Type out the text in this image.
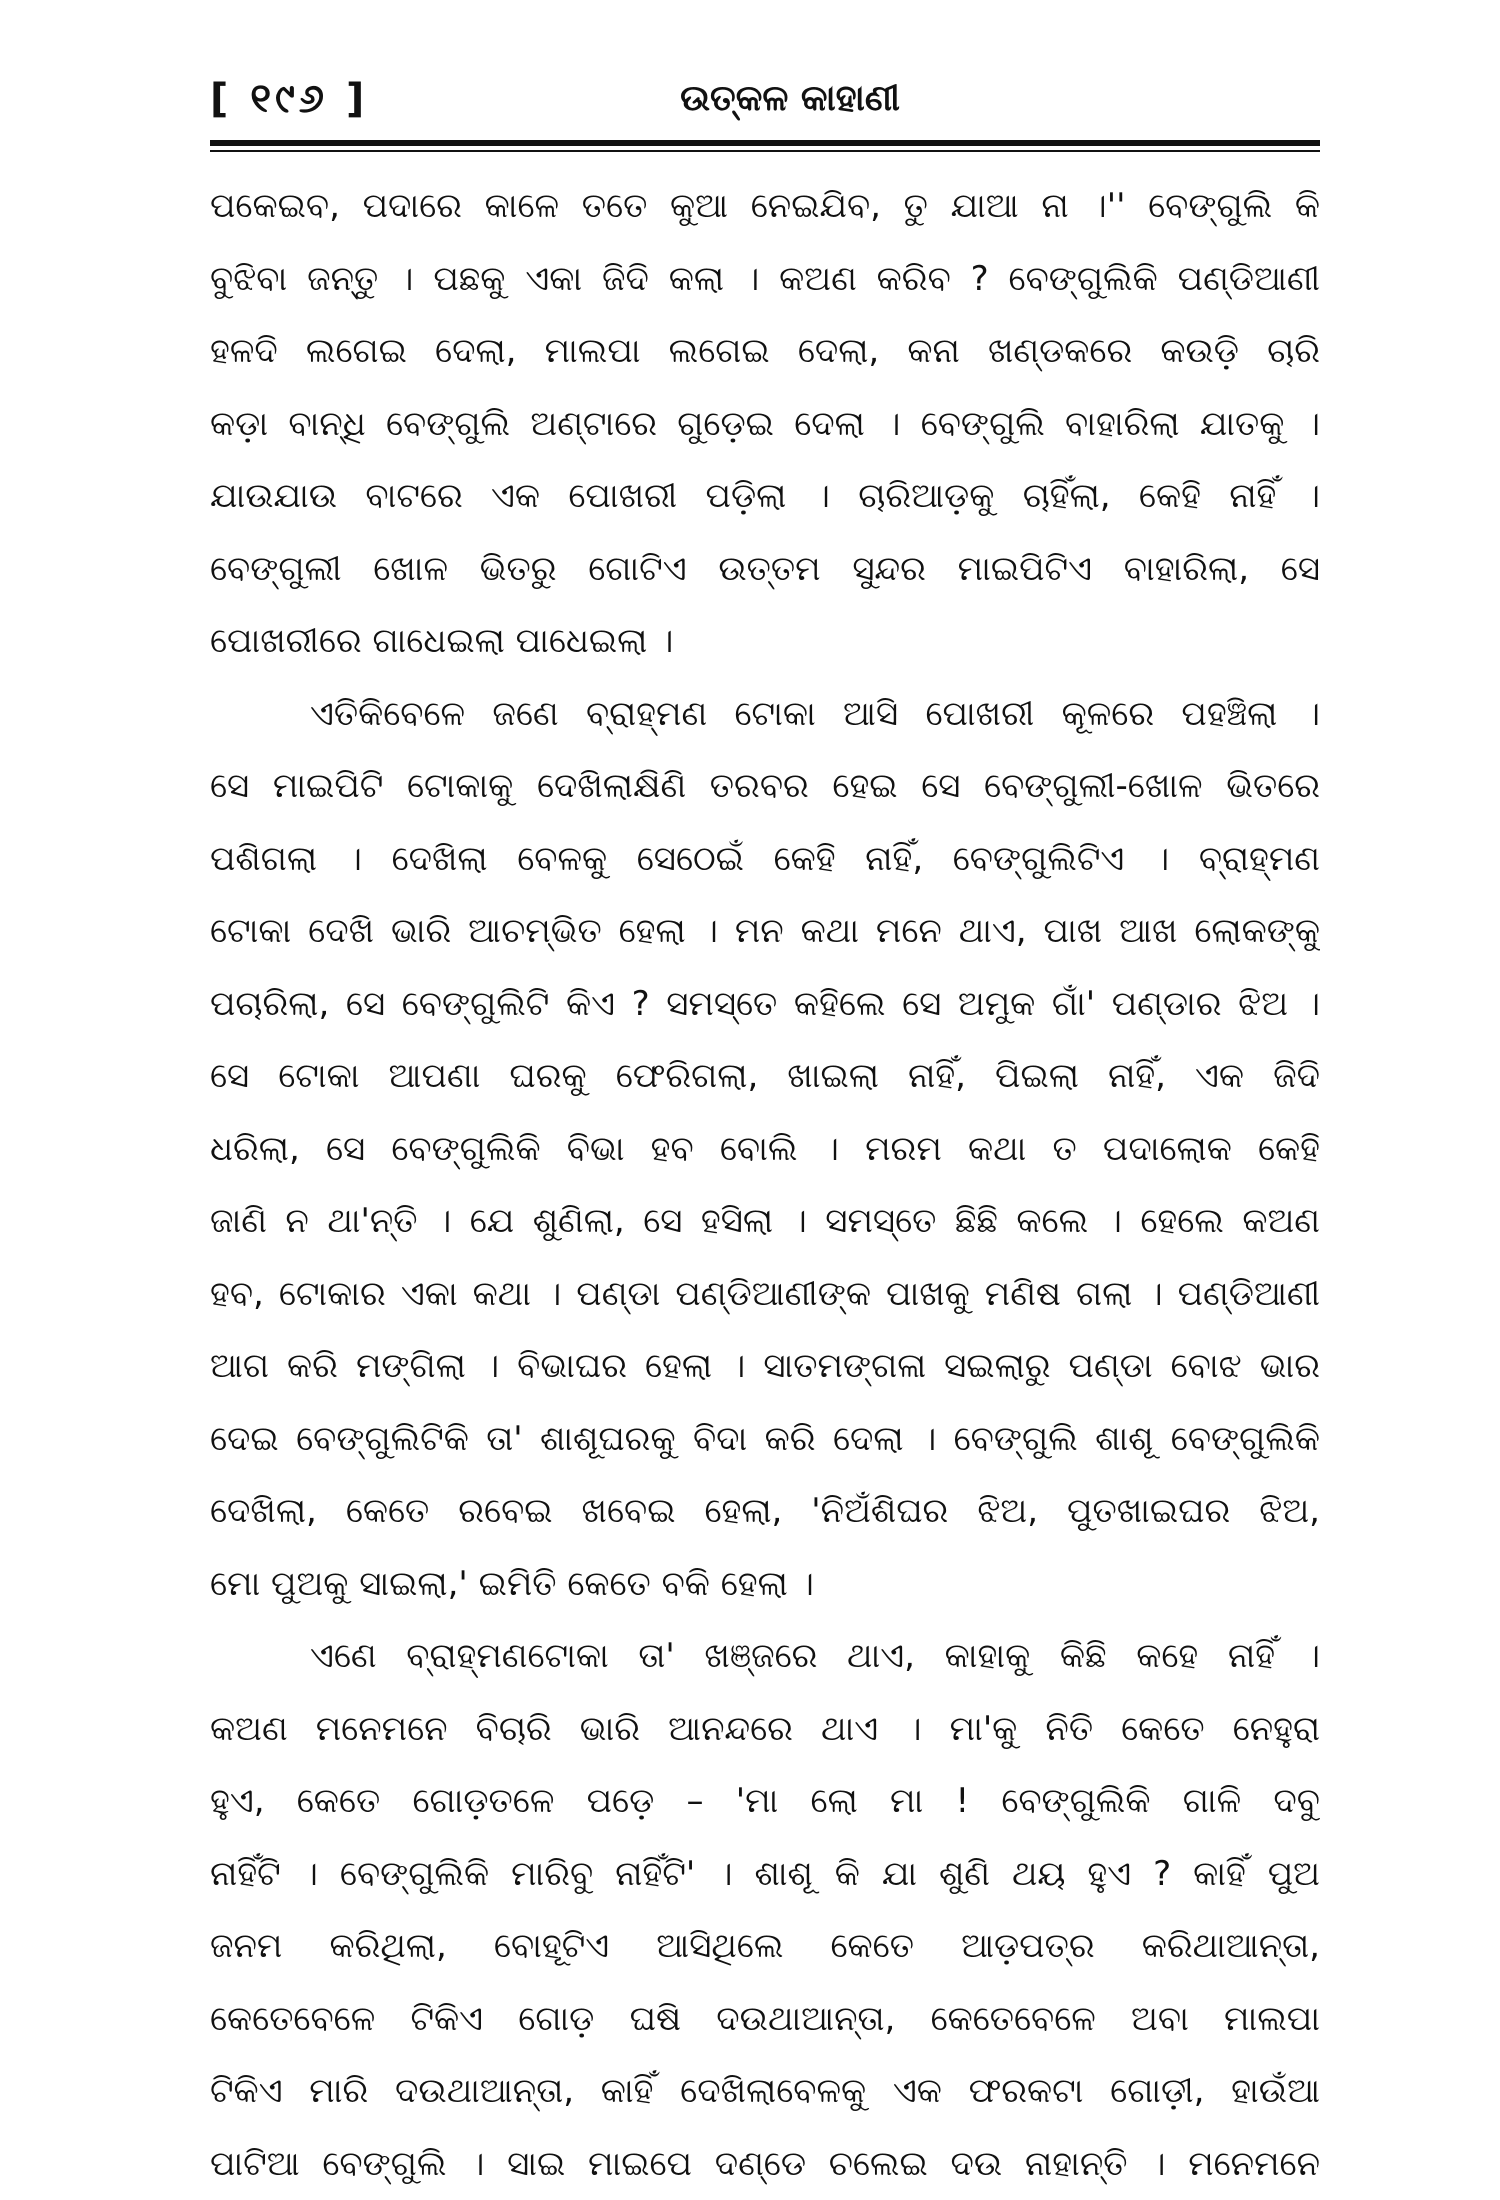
[ ୧୯୬ ]	ଉତ୍କଳ କାହାଣୀ
ପକେଇବ, ପଦାରେ କାଳେ ତତେ କୁଆ ନେଇଯିବ, ତୁ ଯାଆ ନା ।'' ବେଙ୍ଗୁଲି କି
ବୁଝିବା ଜନ୍ତୁ । ପଛକୁ ଏକା ଜିଦି କଲା । କଅଣ କରିବ ? ବେଙ୍ଗୁଲିକି ପଣ୍ଡିଆଣୀ
ହଳଦି ଲଗେଇ ଦେଲା, ମାଲପା ଲଗେଇ ଦେଲା, କନା ଖଣ୍ଡକରେ କଉଡ଼ି ଚାରି
କଡ଼ା ବାନ୍ଧି ବେଙ୍ଗୁଲି ଅଣ୍ଟାରେ ଗୁଡ଼େଇ ଦେଲା । ବେଙ୍ଗୁଲି ବାହାରିଲା ଯାତକୁ ।
ଯାଉଯାଉ ବାଟରେ ଏକ ପୋଖରୀ ପଡ଼ିଲା । ଚାରିଆଡ଼କୁ ଚାହିଁଲା, କେହି ନାହିଁ ।
ବେଙ୍ଗୁଲୀ ଖୋଳ ଭିତରୁ ଗୋଟିଏ ଉତ୍ତମ ସୁନ୍ଦର ମାଇପିଟିଏ ବାହାରିଲା, ସେ
ପୋଖରୀରେ ଗାଧେଇଲା ପାଧେଇଲା ।
ଏତିକିବେଳେ ଜଣେ ବ୍ରାହ୍ମଣ ଟୋକା ଆସି ପୋଖରୀ କୂଳରେ ପହଞ୍ଚିଲା ।
ସେ ମାଇପିଟି ଟୋକାକୁ ଦେଖିଲାକ୍ଷିଣି ତରବର ହେଇ ସେ ବେଙ୍ଗୁଲୀ-ଖୋଳ ଭିତରେ
ପଶିଗଲା । ଦେଖିଲା ବେଳକୁ ସେଠେଇଁ କେହି ନାହିଁ, ବେଙ୍ଗୁଲିଟିଏ । ବ୍ରାହ୍ମଣ
ଟୋକା ଦେଖି ଭାରି ଆଚମ୍ଭିତ ହେଲା । ମନ କଥା ମନେ ଥାଏ, ପାଖ ଆଖ ଲୋକଙ୍କୁ
ପଚାରିଲା, ସେ ବେଙ୍ଗୁଲିଟି କିଏ ? ସମସ୍ତେ କହିଲେ ସେ ଅମୁକ ଗାଁ' ପଣ୍ଡାର ଝିଅ ।
ସେ ଟୋକା ଆପଣା ଘରକୁ ଫେରିଗଲା, ଖାଇଲା ନାହିଁ, ପିଇଲା ନାହିଁ, ଏକ ଜିଦି
ଧରିଲା, ସେ ବେଙ୍ଗୁଲିକି ବିଭା ହବ ବୋଲି । ମରମ କଥା ତ ପଦାଲୋକ କେହି
ଜାଣି ନ ଥା'ନ୍ତି । ଯେ ଶୁଣିଲା, ସେ ହସିଲା । ସମସ୍ତେ ଛିଛି କଲେ । ହେଲେ କଅଣ
ହବ, ଟୋକାର ଏକା କଥା । ପଣ୍ଡା ପଣ୍ଡିଆଣୀଙ୍କ ପାଖକୁ ମଣିଷ ଗଲା । ପଣ୍ଡିଆଣୀ
ଆଗ କରି ମଙ୍ଗିଲା । ବିଭାଘର ହେଲା । ସାତମଙ୍ଗଳା ସଇଲାରୁ ପଣ୍ଡା ବୋଝ ଭାର
ଦେଇ ବେଙ୍ଗୁଲିଟିକି ତା' ଶାଶୂଘରକୁ ବିଦା କରି ଦେଲା । ବେଙ୍ଗୁଲି ଶାଶୂ ବେଙ୍ଗୁଲିକି
ଦେଖିଲା, କେତେ ରବେଇ ଖବେଇ ହେଲା, 'ନିଅଁଶିଘର ଝିଅ, ପୁତଖାଇଘର ଝିଅ,
ମୋ ପୁଅକୁ ସାଇଲା,' ଇମିତି କେତେ ବକି ହେଲା ।
ଏଣେ ବ୍ରାହ୍ମଣଟୋକା ତା' ଖଞ୍ଜରେ ଥାଏ, କାହାକୁ କିଛି କହେ ନାହିଁ ।
କଅଣ ମନେମନେ ବିଚାରି ଭାରି ଆନନ୍ଦରେ ଥାଏ । ମା'କୁ ନିତି କେତେ ନେହୁରା
ହୁଏ, କେତେ ଗୋଡ଼ତଳେ ପଡ଼େ – 'ମା ଲୋ ମା ! ବେଙ୍ଗୁଲିକି ଗାଳି ଦବୁ
ନାହିଁଟି । ବେଙ୍ଗୁଲିକି ମାରିବୁ ନାହିଁଟି' । ଶାଶୂ କି ଯା ଶୁଣି ଥୟ ହୁଏ ? କାହିଁ ପୁଅ
ଜନମ କରିଥିଲା, ବୋହୂଟିଏ ଆସିଥିଲେ କେତେ ଆଡ଼ପତ୍ର କରିଥାଆନ୍ତା,
କେତେବେଳେ ଟିକିଏ ଗୋଡ଼ ଘଷି ଦଉଥାଆନ୍ତା, କେତେବେଳେ ଅବା ମାଲପା
ଟିକିଏ ମାରି ଦଉଥାଆନ୍ତା, କାହିଁ ଦେଖିଲାବେଳକୁ ଏକ ଫରକଟା ଗୋଡ଼ୀ, ହାଉଁଆ
ପାଟିଆ ବେଙ୍ଗୁଲି । ସାଇ ମାଇପେ ଦଣ୍ଡେ ଚଲେଇ ଦଉ ନାହାନ୍ତି । ମନେମନେ
